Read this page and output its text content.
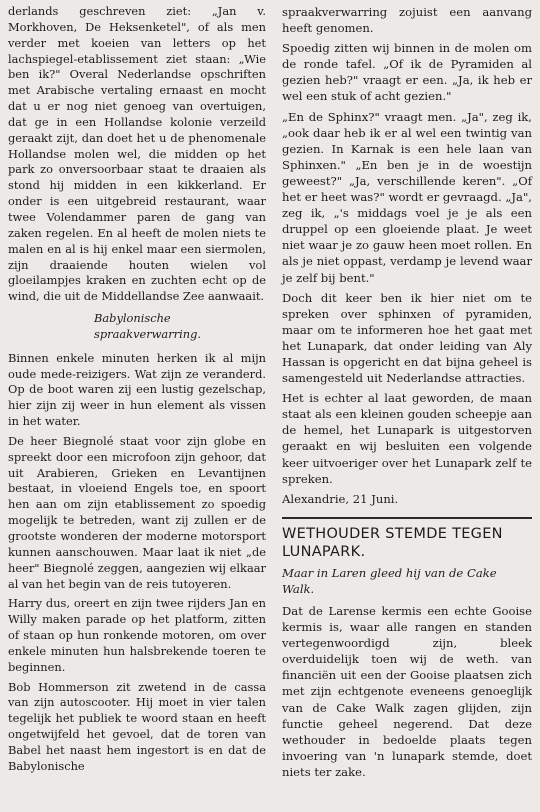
derlands geschreven ziet: „Jan v. Morkhoven, De Heksenketel", of als men verder met koeien van letters op het lachspiegel-etablissement ziet staan: „Wie ben ik?" Overal Nederlandse opschriften met Arabische vertaling ernaast en mocht dat u er nog niet genoeg van overtuigen, dat ge in een Hollandse kolonie verzeild geraakt zijt, dan doet het u de phenomenale Hollandse molen wel, die midden op het park zo onversoorbaar staat te draaien als stond hij midden in een kikkerland. Er onder is een uitgebreid restaurant, waar twee Volendammer paren de gang van zaken regelen. En al heeft de molen niets te malen en al is hij enkel maar een siermolen, zijn draaiende houten wielen vol gloeilampjes kraken en zuchten echt op de wind, die uit de Middellandse Zee aanwaait.

Babylonische spraakverwarring.

Binnen enkele minuten herken ik al mijn oude mede-reizigers. Wat zijn ze veranderd. Op de boot waren zij een lustig gezelschap, hier zijn zij weer in hun element als vissen in het water.

De heer Biegnolé staat voor zijn globe en spreekt door een microfoon zijn gehoor, dat uit Arabieren, Grieken en Levantijnen bestaat, in vloeiend Engels toe, en spoort hen aan om zijn etablissement zo spoedig mogelijk te betreden, want zij zullen er de grootste wonderen der moderne motorsport kunnen aanschouwen. Maar laat ik niet „de heer" Biegnolé zeggen, aangezien wij elkaar al van het begin van de reis tutoyeren.

Harry dus, oreert en zijn twee rijders Jan en Willy maken parade op het platform, zitten of staan op hun ronkende motoren, om over enkele minuten hun halsbrekende toeren te beginnen.

Bob Hommerson zit zwetend in de cassa van zijn autoscooter. Hij moet in vier talen tegelijk het publiek te woord staan en heeft ongetwijfeld het gevoel, dat de toren van Babel het naast hem ingestort is en dat de Babylonische

spraakverwarring zojuist een aanvang heeft genomen.

Spoedig zitten wij binnen in de molen om de ronde tafel. „Of ik de Pyramiden al gezien heb?" vraagt er een. „Ja, ik heb er wel een stuk of acht gezien."

„En de Sphinx?" vraagt men. „Ja", zeg ik, „ook daar heb ik er al wel een twintig van gezien. In Karnak is een hele laan van Sphinxen." „En ben je in de woestijn geweest?" „Ja, verschillende keren". „Of het er heet was?" wordt er gevraagd. „Ja", zeg ik, „'s middags voel je je als een druppel op een gloeiende plaat. Je weet niet waar je zo gauw heen moet rollen. En als je niet oppast, verdamp je levend waar je zelf bij bent."

Doch dit keer ben ik hier niet om te spreken over sphinxen of pyramiden, maar om te informeren hoe het gaat met het Lunapark, dat onder leiding van Aly Hassan is opgericht en dat bijna geheel is samengesteld uit Nederlandse attracties.

Het is echter al laat geworden, de maan staat als een kleinen gouden scheepje aan de hemel, het Lunapark is uitgestorven geraakt en wij besluiten een volgende keer uitvoeriger over het Lunapark zelf te spreken.

Alexandrie, 21 Juni.

WETHOUDER STEMDE TEGEN LUNAPARK.

Maar in Laren gleed hij van de Cake Walk.

Dat de Larense kermis een echte Gooise kermis is, waar alle rangen en standen vertegenwoordigd zijn, bleek overduidelijk toen wij de weth. van financiën uit een der Gooise plaatsen zich met zijn echtgenote eveneens genoeglijk van de Cake Walk zagen glijden, zijn functie geheel negerend. Dat deze wethouder in bedoelde plaats tegen invoering van 'n lunapark stemde, doet niets ter zake.
